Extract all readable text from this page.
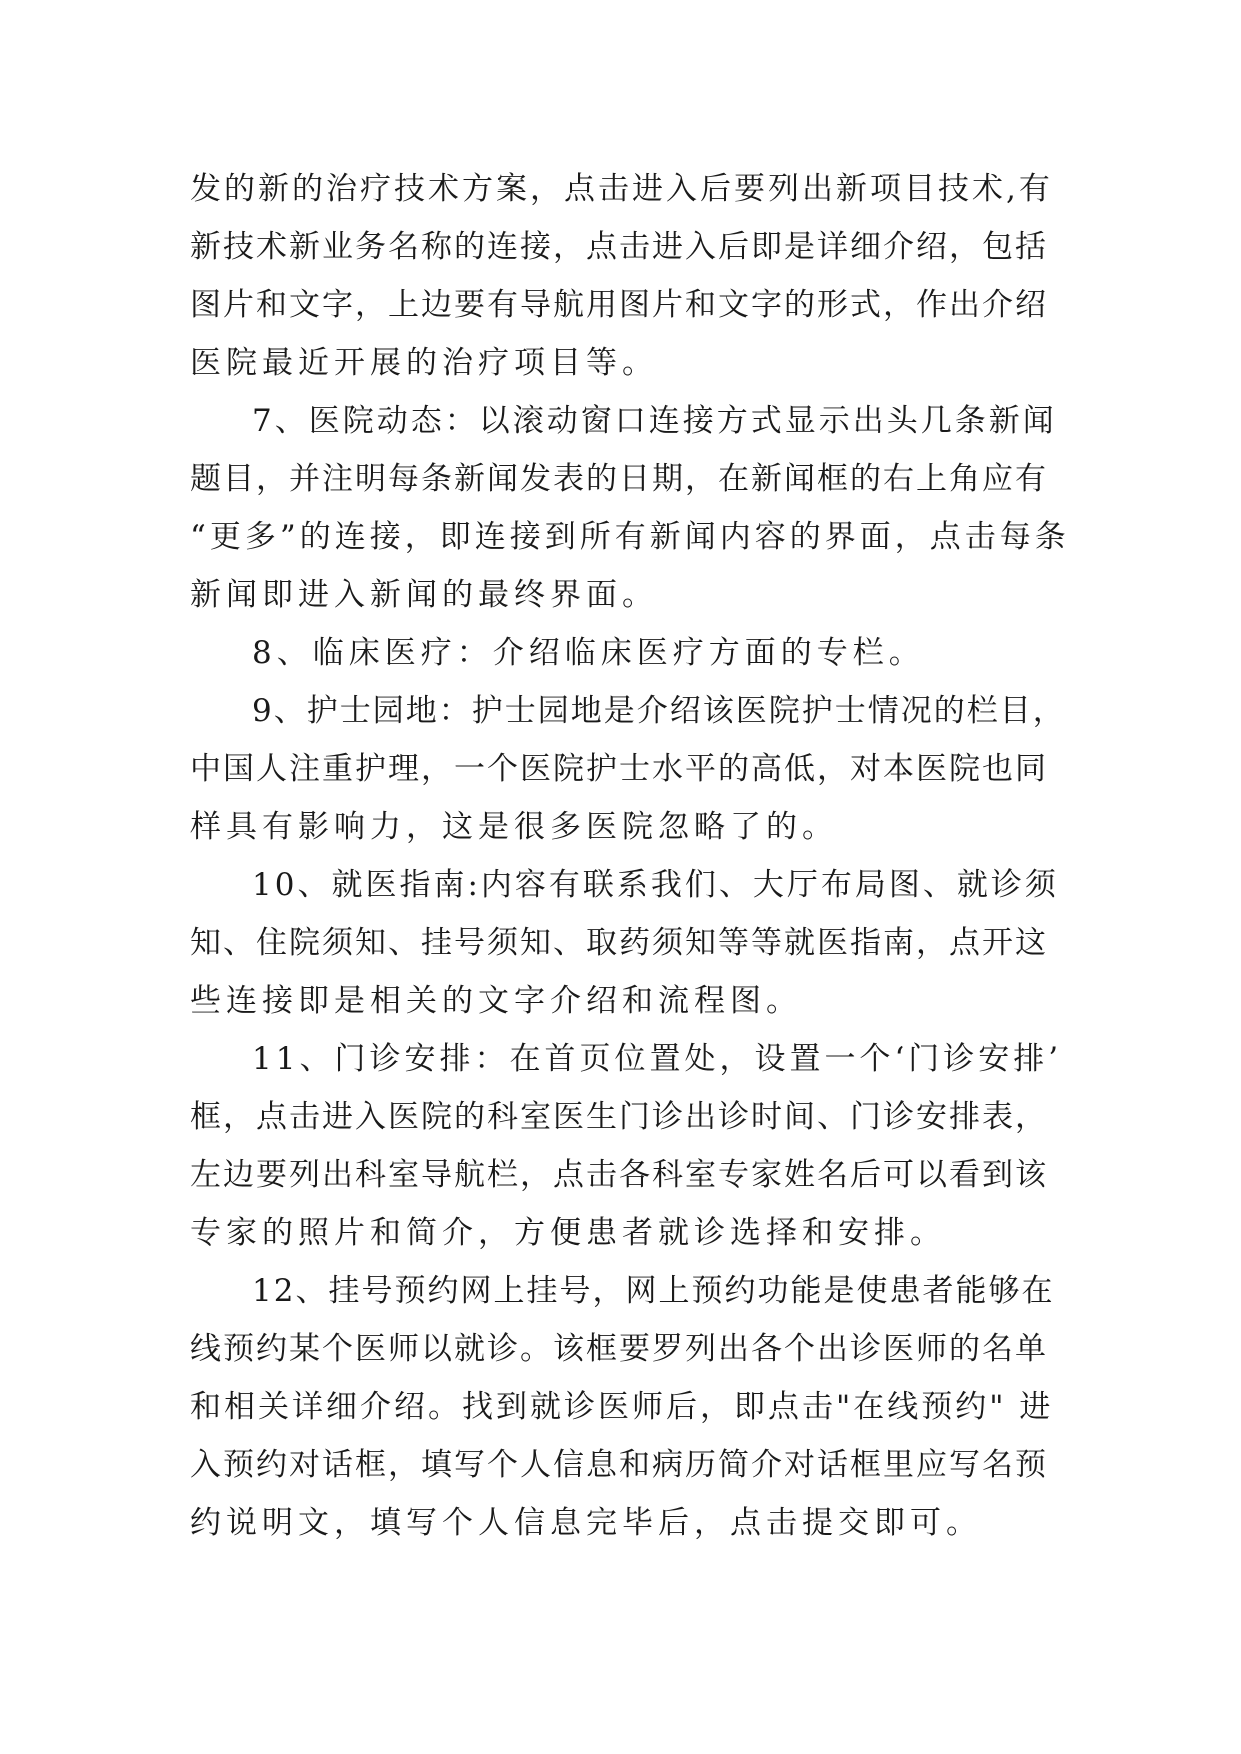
发的新的治疗技术方案，点击进入后要列出新项目技术,有

新技术新业务名称的连接，点击进入后即是详细介绍，包括

图片和文字，上边要有导航用图片和文字的形式，作出介绍

医院最近开展的治疗项目等。

7、医院动态：以滚动窗口连接方式显示出头几条新闻

题目，并注明每条新闻发表的日期，在新闻框的右上角应有

“更多”的连接，即连接到所有新闻内容的界面，点击每条

新闻即进入新闻的最终界面。

8、临床医疗：介绍临床医疗方面的专栏。

9、护士园地：护士园地是介绍该医院护士情况的栏目，

中国人注重护理，一个医院护士水平的高低，对本医院也同

样具有影响力，这是很多医院忽略了的。

10、就医指南:内容有联系我们、大厅布局图、就诊须

知、住院须知、挂号须知、取药须知等等就医指南，点开这

些连接即是相关的文字介绍和流程图。

11、门诊安排：在首页位置处，设置一个‘门诊安排’

框，点击进入医院的科室医生门诊出诊时间、门诊安排表，

左边要列出科室导航栏，点击各科室专家姓名后可以看到该

专家的照片和简介，方便患者就诊选择和安排。

12、挂号预约网上挂号，网上预约功能是使患者能够在

线预约某个医师以就诊。该框要罗列出各个出诊医师的名单

和相关详细介绍。找到就诊医师后，即点击"在线预约" 进

入预约对话框，填写个人信息和病历简介对话框里应写名预

约说明文，填写个人信息完毕后，点击提交即可。
